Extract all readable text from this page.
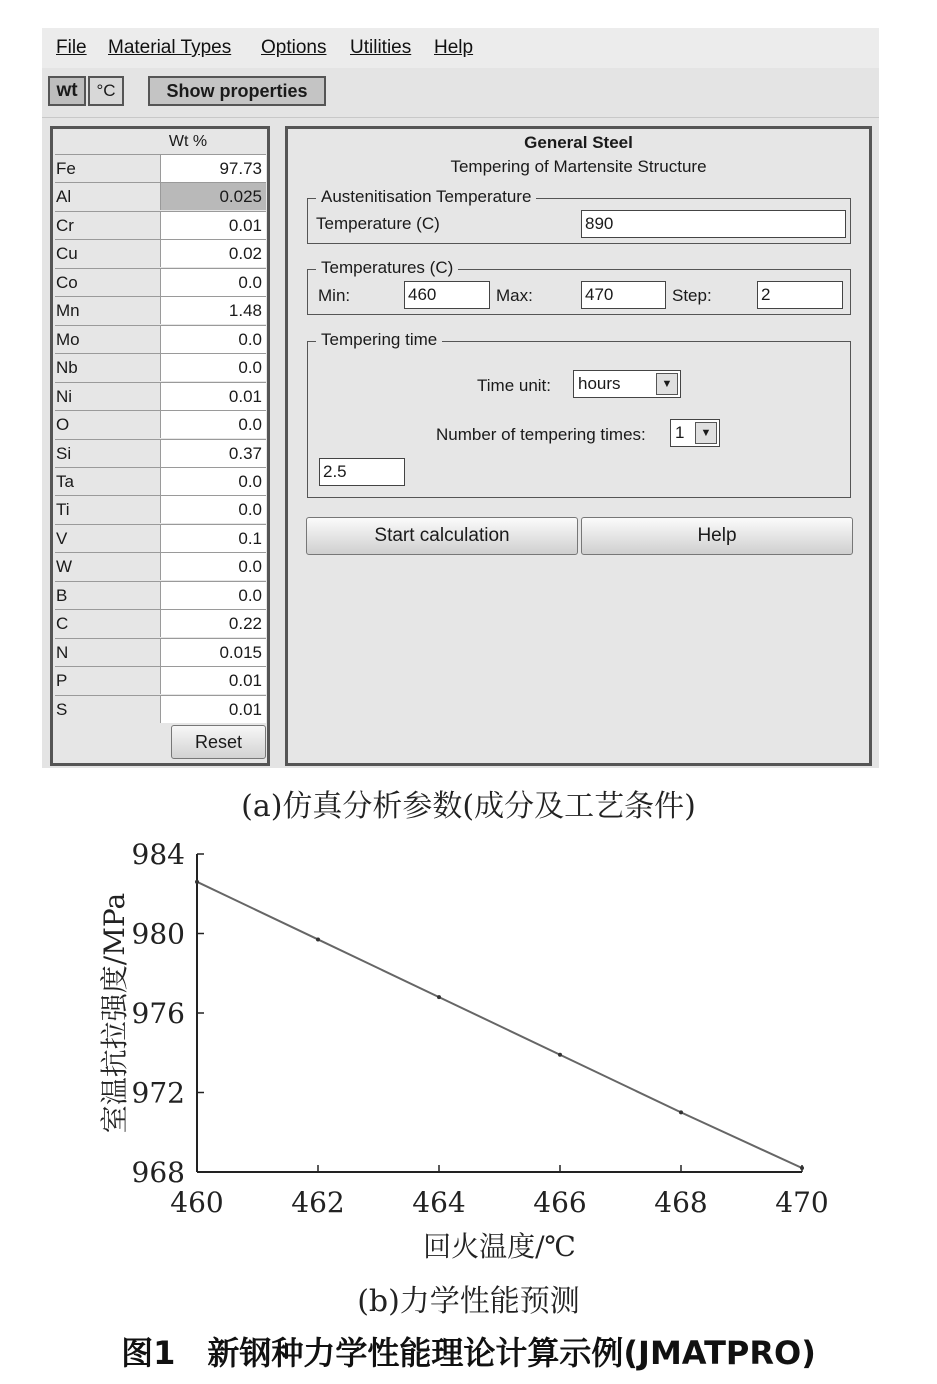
File Material Types Options Utilities Help
wt	°C	Show properties
Wt %
Fe	97.73
Al	0.025
Cr	0.01
Cu	0.02
Co	0.0
Mn	1.48
Mo	0.0
Nb	0.0
Ni	0.01
O	0.0
Si	0.37
Ta	0.0
Ti	0.0
V	0.1
W	0.0
B	0.0
C	0.22
N	0.015
P	0.01
S	0.01
Reset
General Steel
Tempering of Martensite Structure
Austenitisation Temperature
Temperature (C)	890
Temperatures (C)
Min:	460	Max:	470	Step:	2
Tempering time
Time unit: hours	▼
Number of tempering times: 1	▼
2.5
Start calculation	Help
(a)仿真分析参数(成分及工艺条件)
460 462 464 466 468 470
968
972
976
980
984
回火温度/℃
室温抗拉强度/MPa
(b)力学性能预测
图1　新钢种力学性能理论计算示例(JMATPRO)
